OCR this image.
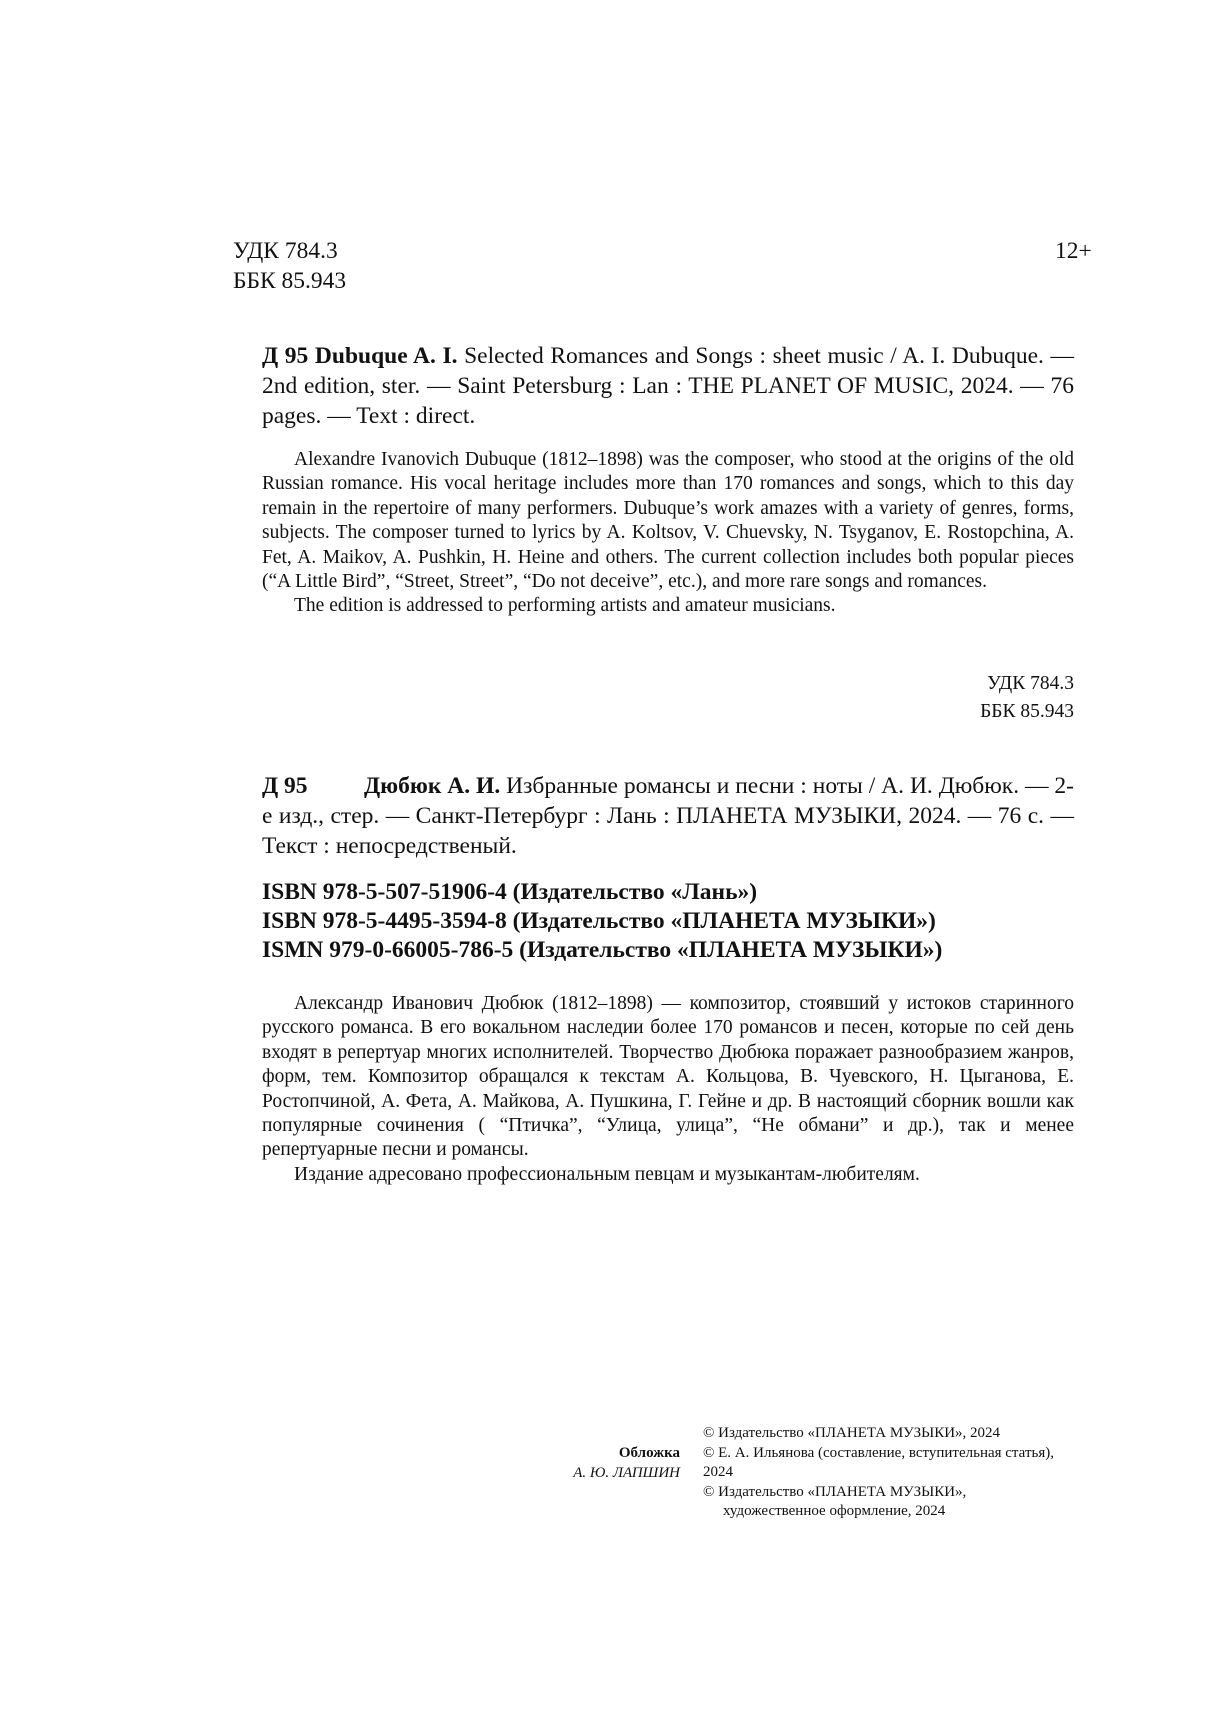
УДК 784.3
ББК 85.943
12+
Д 95 Dubuque A. I. Selected Romances and Songs : sheet music / A. I. Dubuque. — 2nd edition, ster. — Saint Petersburg : Lan : THE PLANET OF MUSIC, 2024. — 76 pages. — Text : direct.

Alexandre Ivanovich Dubuque (1812–1898) was the composer, who stood at the origins of the old Russian romance. His vocal heritage includes more than 170 romances and songs, which to this day remain in the repertoire of many performers. Dubuque’s work amazes with a variety of genres, forms, subjects. The composer turned to lyrics by A. Koltsov, V. Chuevsky, N. Tsyganov, E. Rostopchina, A. Fet, A. Maikov, A. Pushkin, H. Heine and others. The current collection includes both popular pieces (“A Little Bird”, “Street, Street”, “Do not deceive”, etc.), and more rare songs and romances.

The edition is addressed to performing artists and amateur musicians.

УДК 784.3
ББК 85.943
Д 95 Дюбюк А. И. Избранные романсы и песни : ноты / А. И. Дюбюк. — 2-е изд., стер. — Санкт-Петербург : Лань : ПЛАНЕТА МУЗЫКИ, 2024. — 76 с. — Текст : непосредственый.
ISBN 978-5-507-51906-4 (Издательство «Лань»)
ISBN 978-5-4495-3594-8 (Издательство «ПЛАНЕТА МУЗЫКИ»)
ISMN 979-0-66005-786-5 (Издательство «ПЛАНЕТА МУЗЫКИ»)

Александр Иванович Дюбюк (1812–1898) — композитор, стоявший у истоков старинного русского романса. В его вокальном наследии более 170 романсов и песен, которые по сей день входят в репертуар многих исполнителей. Творчество Дюбюка поражает разнообразием жанров, форм, тем. Композитор обращался к текстам А. Кольцова, В. Чуевского, Н. Цыганова, Е. Ростопчиной, А. Фета, А. Майкова, А. Пушкина, Г. Гейне и др. В настоящий сборник вошли как популярные сочинения ( “Птичка”, “Улица, улица”, “Не обмани” и др.), так и менее репертуарные песни и романсы.

Издание адресовано профессиональным певцам и музыкантам-любителям.

Обложка
А. Ю. ЛАПШИН
© Издательство «ПЛАНЕТА МУЗЫКИ», 2024
© Е. А. Ильянова (составление, вступительная статья), 2024
© Издательство «ПЛАНЕТА МУЗЫКИ»,
художественное оформление, 2024
